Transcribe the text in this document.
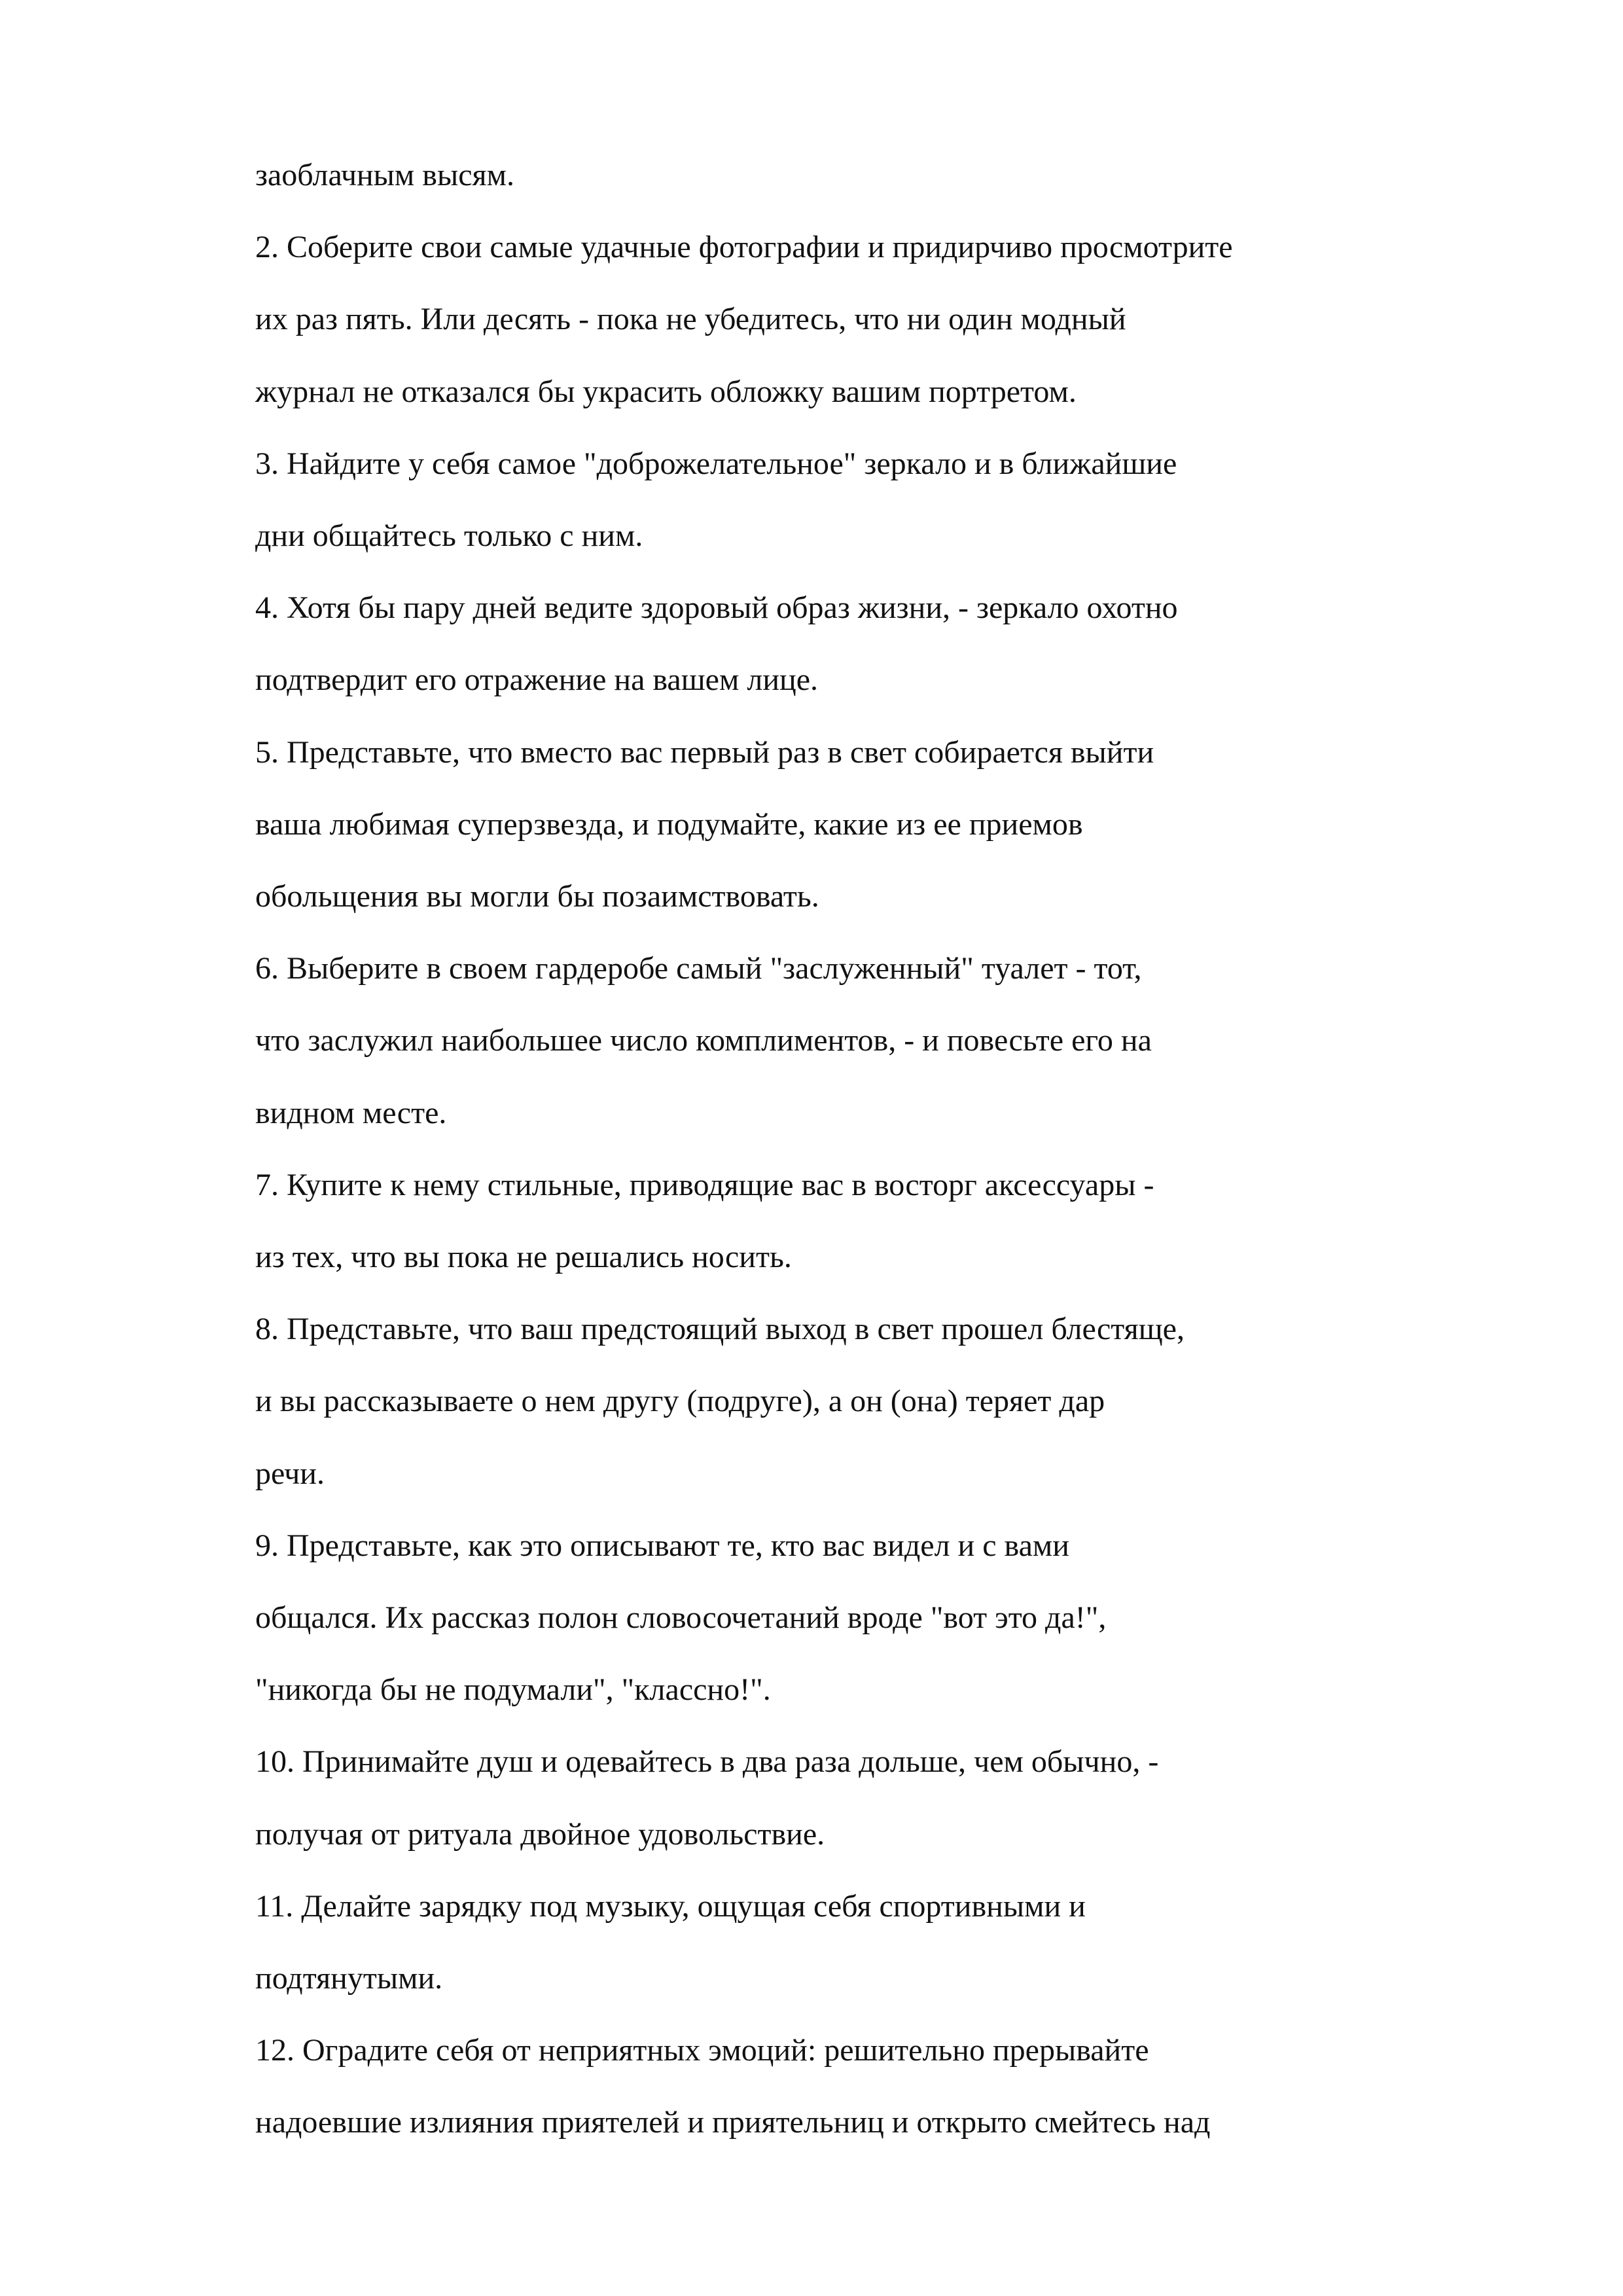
заоблачным высям.
2. Соберите свои самые удачные фотографии и придирчиво просмотрите
их раз пять. Или десять - пока не убедитесь, что ни один модный
журнал не отказался бы украсить обложку вашим портретом.
3. Найдите у себя самое "доброжелательное" зеркало и в ближайшие
дни общайтесь только с ним.
4. Хотя бы пару дней ведите здоровый образ жизни, - зеркало охотно
подтвердит его отражение на вашем лице.
5. Представьте, что вместо вас первый раз в свет собирается выйти
ваша любимая суперзвезда, и подумайте, какие из ее приемов
обольщения вы могли бы позаимствовать.
6. Выберите в своем гардеробе самый "заслуженный" туалет - тот,
что заслужил наибольшее число комплиментов, - и повесьте его на
видном месте.
7. Купите к нему стильные, приводящие вас в восторг аксессуары -
из тех, что вы пока не решались носить.
8. Представьте, что ваш предстоящий выход в свет прошел блестяще,
и вы рассказываете о нем другу (подруге), а он (она) теряет дар
речи.
9. Представьте, как это описывают те, кто вас видел и с вами
общался. Их рассказ полон словосочетаний вроде "вот это да!",
"никогда бы не подумали", "классно!".
10. Принимайте душ и одевайтесь в два раза дольше, чем обычно, -
получая от ритуала двойное удовольствие.
11. Делайте зарядку под музыку, ощущая себя спортивными и
подтянутыми.
12. Оградите себя от неприятных эмоций: решительно прерывайте
надоевшие излияния приятелей и приятельниц и открыто смейтесь над
